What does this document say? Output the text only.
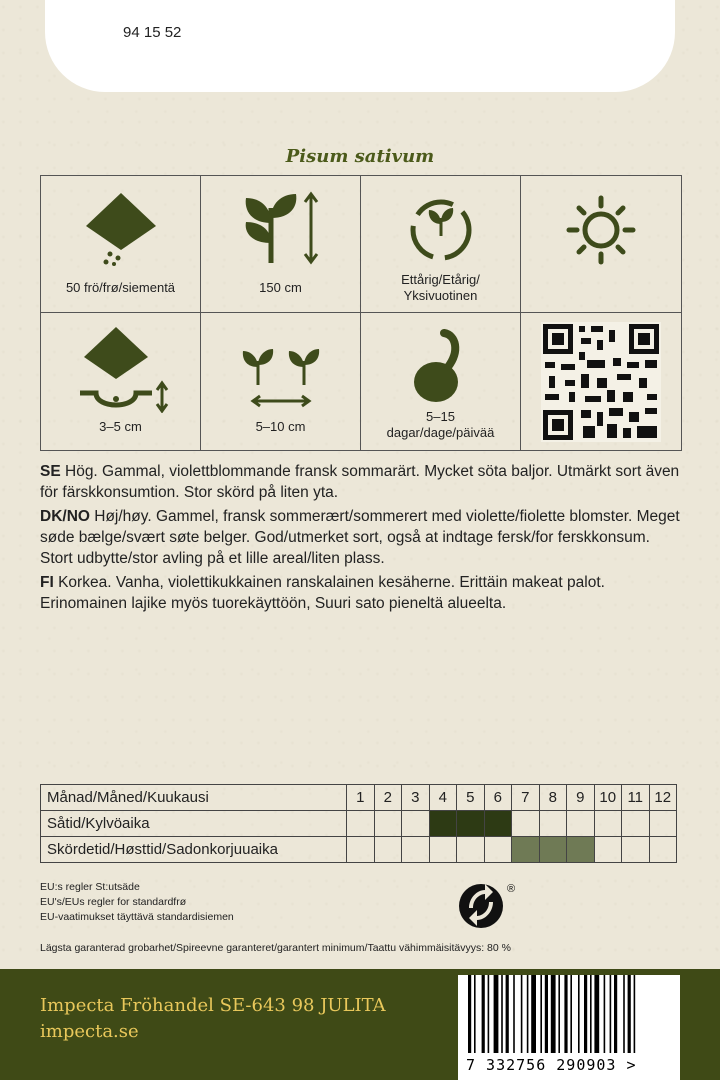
94 15 52
Pisum sativum
50 frö/frø/siementä	150 cm
Ettårig/Etårig/
Yksivuotinen
3–5 cm	5–10 cm
5–15
dagar/dage/päivää

SE Hög. Gammal, violettblommande fransk sommarärt. Mycket söta baljor. Utmärkt sort även för färskkonsumtion. Stor skörd på liten yta.

DK/NO Høj/høy. Gammel, fransk sommerært/sommerert med violette/fiolette blomster. Meget søde bælge/svært søte belger. God/utmerket sort, også at indtage fersk/for ferskkonsum. Stort udbytte/stor avling på et lille areal/liten plass.

FI Korkea. Vanha, violettikukkainen ranskalainen kesäherne. Erittäin makeat palot. Erinomainen lajike myös tuorekäyttöön, Suuri sato pieneltä alueelta.

Månad/Måned/Kuukausi	1	2	3	4	5	6	7	8	9	10	11	12
Såtid/Kylvöaika												
Skördetid/Høsttid/Sadonkorjuuaika												
EU:s regler St:utsäde
EU's/EUs regler for standardfrø
EU-vaatimukset täyttävä standardisiemen
®
Lägsta garanterad grobarhet/Spireevne garanteret/garantert minimum/Taattu vähimmäisitävyys: 80 %
Impecta Fröhandel SE-643 98 JULITA
impecta.se
7 332756 290903 >
